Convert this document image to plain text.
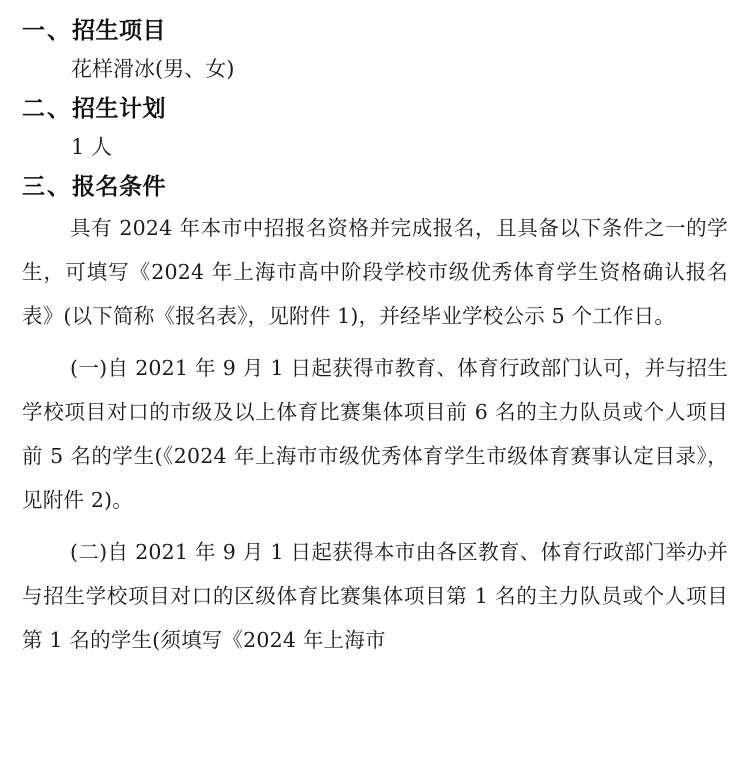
一、招生项目

花样滑冰(男、女)

二、招生计划

1 人

三、报名条件

具有 2024 年本市中招报名资格并完成报名，且具备以下条件之一的学生，可填写《2024 年上海市高中阶段学校市级优秀体育学生资格确认报名表》(以下简称《报名表》，见附件 1)，并经毕业学校公示 5 个工作日。

(一)自 2021 年 9 月 1 日起获得市教育、体育行政部门认可，并与招生学校项目对口的市级及以上体育比赛集体项目前 6 名的主力队员或个人项目前 5 名的学生(《2024 年上海市市级优秀体育学生市级体育赛事认定目录》，见附件 2)。

(二)自 2021 年 9 月 1 日起获得本市由各区教育、体育行政部门举办并与招生学校项目对口的区级体育比赛集体项目第 1 名的主力队员或个人项目第 1 名的学生(须填写《2024 年上海市
